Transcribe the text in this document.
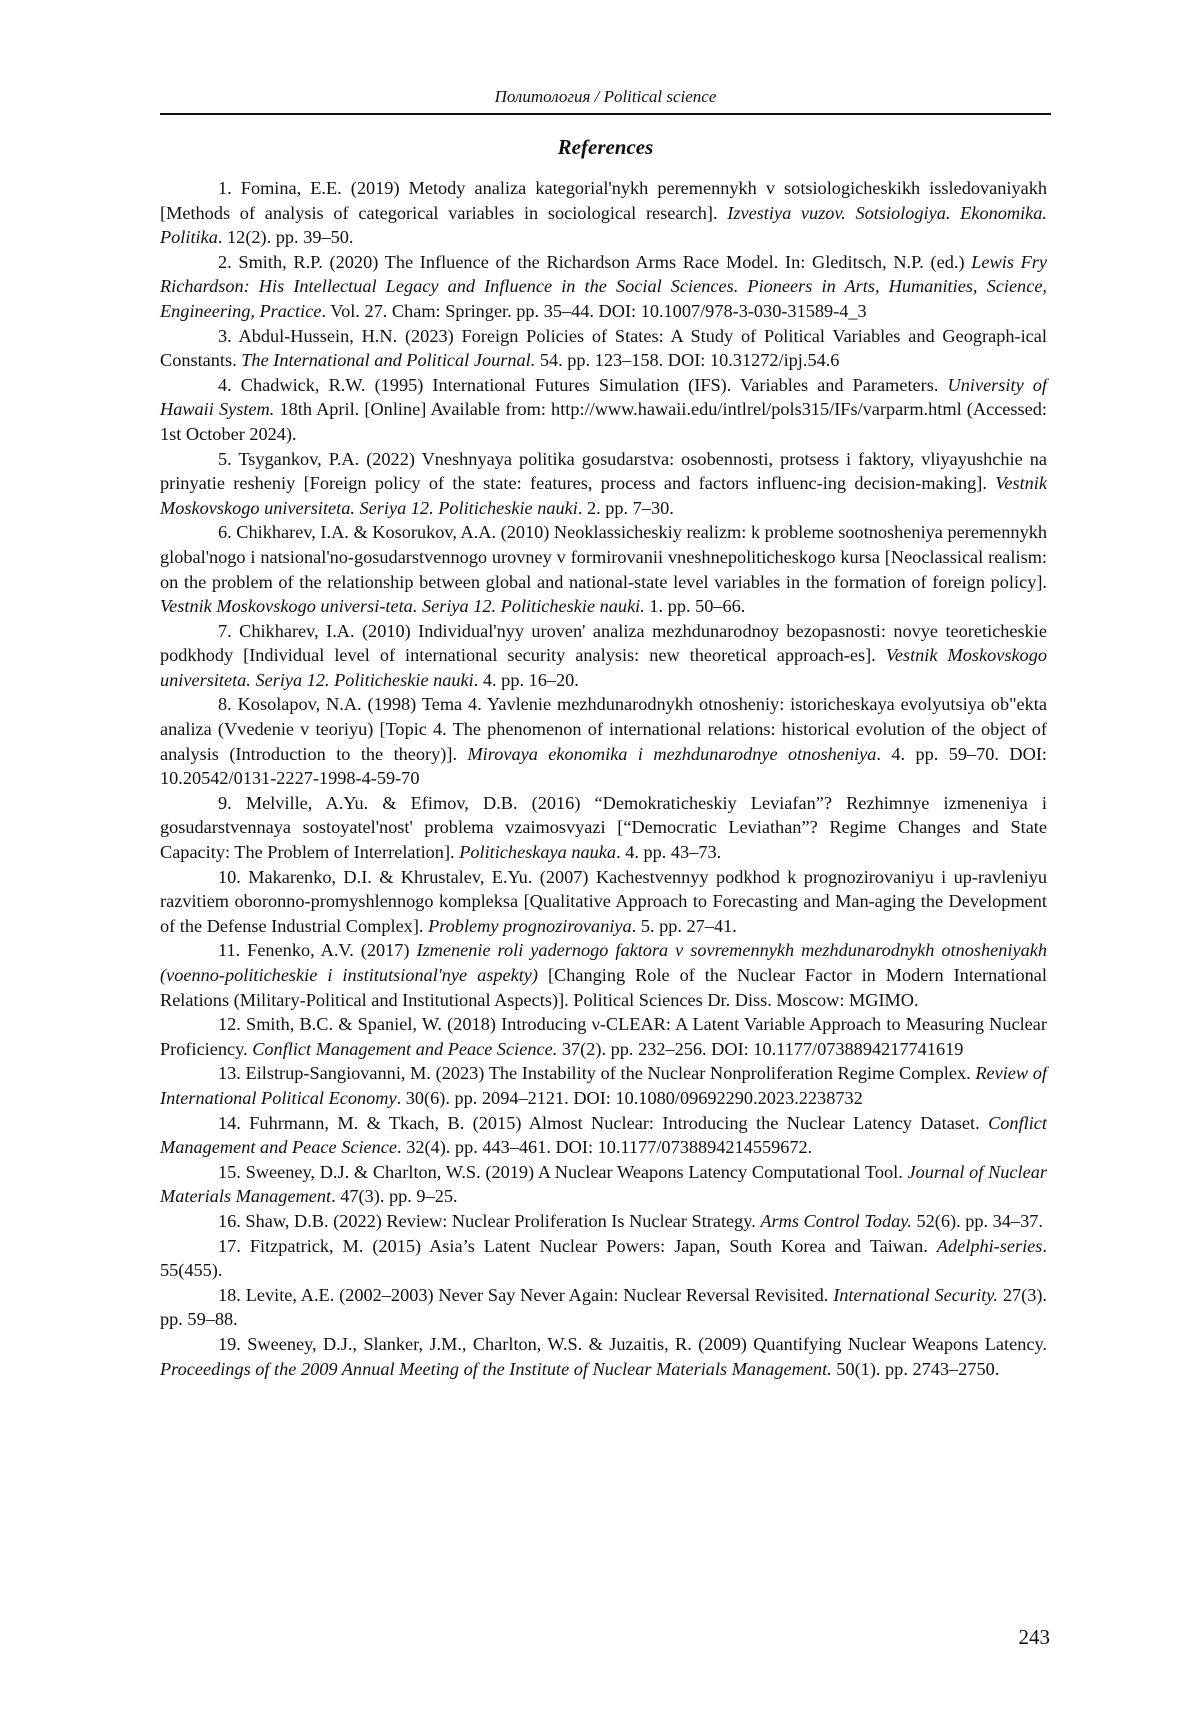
Политология / Political science
References

1. Fomina, E.E. (2019) Metody analiza kategorial'nykh peremennykh v sotsiologicheskikh issledovaniyakh [Methods of analysis of categorical variables in sociological research]. Izvestiya vuzov. Sotsiologiya. Ekonomika. Politika. 12(2). pp. 39–50.

2. Smith, R.P. (2020) The Influence of the Richardson Arms Race Model. In: Gleditsch, N.P. (ed.) Lewis Fry Richardson: His Intellectual Legacy and Influence in the Social Sciences. Pioneers in Arts, Humanities, Science, Engineering, Practice. Vol. 27. Cham: Springer. pp. 35–44. DOI: 10.1007/978-3-030-31589-4_3

3. Abdul-Hussein, H.N. (2023) Foreign Policies of States: A Study of Political Variables and Geograph-ical Constants. The International and Political Journal. 54. pp. 123–158. DOI: 10.31272/ipj.54.6

4. Chadwick, R.W. (1995) International Futures Simulation (IFS). Variables and Parameters. University of Hawaii System. 18th April. [Online] Available from: http://www.hawaii.edu/intlrel/pols315/IFs/varparm.html (Accessed: 1st October 2024).

5. Tsygankov, P.A. (2022) Vneshnyaya politika gosudarstva: osobennosti, protsess i faktory, vliyayushchie na prinyatie resheniy [Foreign policy of the state: features, process and factors influenc-ing decision-making]. Vestnik Moskovskogo universiteta. Seriya 12. Politicheskie nauki. 2. pp. 7–30.

6. Chikharev, I.A. & Kosorukov, A.A. (2010) Neoklassicheskiy realizm: k probleme sootnosheniya peremennykh global'nogo i natsional'no-gosudarstvennogo urovney v formirovanii vneshnepoliticheskogo kursa [Neoclassical realism: on the problem of the relationship between global and national-state level variables in the formation of foreign policy]. Vestnik Moskovskogo universi-teta. Seriya 12. Politicheskie nauki. 1. pp. 50–66.

7. Chikharev, I.A. (2010) Individual'nyy uroven' analiza mezhdunarodnoy bezopasnosti: novye teoreticheskie podkhody [Individual level of international security analysis: new theoretical approach-es]. Vestnik Moskovskogo universiteta. Seriya 12. Politicheskie nauki. 4. pp. 16–20.

8. Kosolapov, N.A. (1998) Tema 4. Yavlenie mezhdunarodnykh otnosheniy: istoricheskaya evolyutsiya ob"ekta analiza (Vvedenie v teoriyu) [Topic 4. The phenomenon of international relations: historical evolution of the object of analysis (Introduction to the theory)]. Mirovaya ekonomika i mezhdunarodnye otnosheniya. 4. pp. 59–70. DOI: 10.20542/0131-2227-1998-4-59-70

9. Melville, A.Yu. & Efimov, D.B. (2016) “Demokraticheskiy Leviafan”? Rezhimnye izmeneniya i gosudarstvennaya sostoyatel'nost' problema vzaimosvyazi [“Democratic Leviathan”? Regime Changes and State Capacity: The Problem of Interrelation]. Politicheskaya nauka. 4. pp. 43–73.

10. Makarenko, D.I. & Khrustalev, E.Yu. (2007) Kachestvennyy podkhod k prognozirovaniyu i up-ravleniyu razvitiem oboronno-promyshlennogo kompleksa [Qualitative Approach to Forecasting and Man-aging the Development of the Defense Industrial Complex]. Problemy prognozirovaniya. 5. pp. 27–41.

11. Fenenko, A.V. (2017) Izmenenie roli yadernogo faktora v sovremennykh mezhdunarodnykh otnosheniyakh (voenno-politicheskie i institutsional'nye aspekty) [Changing Role of the Nuclear Factor in Modern International Relations (Military-Political and Institutional Aspects)]. Political Sciences Dr. Diss. Moscow: MGIMO.

12. Smith, B.C. & Spaniel, W. (2018) Introducing ν-CLEAR: A Latent Variable Approach to Measuring Nuclear Proficiency. Conflict Management and Peace Science. 37(2). pp. 232–256. DOI: 10.1177/0738894217741619

13. Eilstrup-Sangiovanni, M. (2023) The Instability of the Nuclear Nonproliferation Regime Complex. Review of International Political Economy. 30(6). pp. 2094–2121. DOI: 10.1080/09692290.2023.2238732

14. Fuhrmann, M. & Tkach, B. (2015) Almost Nuclear: Introducing the Nuclear Latency Dataset. Conflict Management and Peace Science. 32(4). pp. 443–461. DOI: 10.1177/0738894214559672.

15. Sweeney, D.J. & Charlton, W.S. (2019) A Nuclear Weapons Latency Computational Tool. Journal of Nuclear Materials Management. 47(3). pp. 9–25.

16. Shaw, D.B. (2022) Review: Nuclear Proliferation Is Nuclear Strategy. Arms Control Today. 52(6). pp. 34–37.

17. Fitzpatrick, M. (2015) Asia’s Latent Nuclear Powers: Japan, South Korea and Taiwan. Adelphi-series. 55(455).

18. Levite, A.E. (2002–2003) Never Say Never Again: Nuclear Reversal Revisited. International Security. 27(3). pp. 59–88.

19. Sweeney, D.J., Slanker, J.M., Charlton, W.S. & Juzaitis, R. (2009) Quantifying Nuclear Weapons Latency. Proceedings of the 2009 Annual Meeting of the Institute of Nuclear Materials Management. 50(1). pp. 2743–2750.

243
